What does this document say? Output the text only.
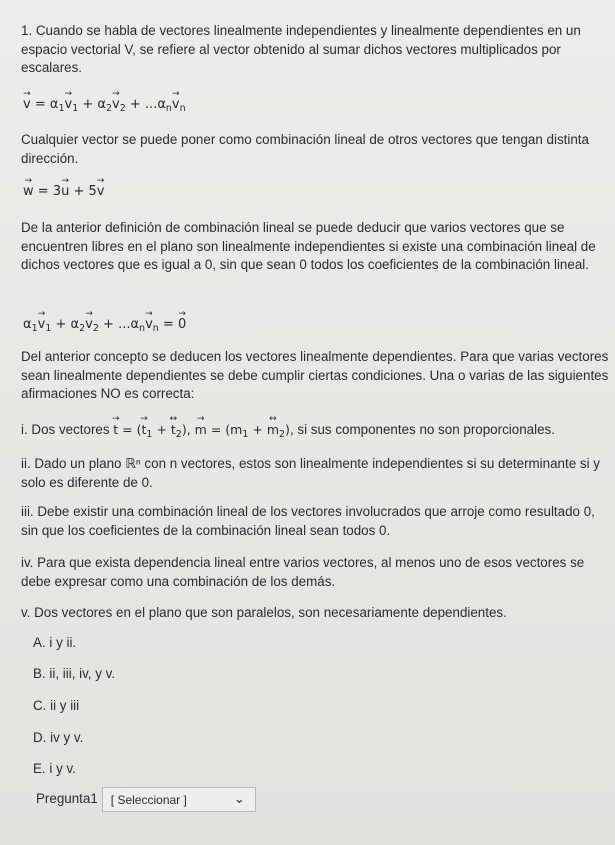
1. Cuando se habla de vectores linealmente independientes y linealmente dependientes en un espacio vectorial V, se refiere al vector obtenido al sumar dichos vectores multiplicados por escalares.

→ $v = \alpha_1\to v_1 + \alpha_2\to v_2 + ...\alpha_n\to v_n$

Cualquier vector se puede poner como combinación lineal de otros vectores que tengan distinta dirección.

→ w = 3→ u + 5→ v

De la anterior definición de combinación lineal se puede deducir que varios vectores que se encuentren libres en el plano son linealmente independientes si existe una combinación lineal de dichos vectores que es igual a 0, sin que sean 0 todos los coeficientes de la combinación lineal.

$\alpha_1\to v_1 + \alpha_2\to v_2 + ...\alpha_n\to v_n$ = → 0

Del anterior concepto se deducen los vectores linealmente dependientes. Para que varias vectores sean linealmente dependientes se debe cumplir ciertas condiciones. Una o varias de las siguientes afirmaciones NO es correcta:

i. Dos vectores → t = (→ $t_1$ + ↔ $t_2$), → $m = (m_1$ + ↔ $m_2$), si sus componentes no son proporcionales.

ii. Dado un plano ℝⁿ con n vectores, estos son linealmente independientes si su determinante si y solo es diferente de 0.

iii. Debe existir una combinación lineal de los vectores involucrados que arroje como resultado 0, sin que los coeficientes de la combinación lineal sean todos 0.

iv. Para que exista dependencia lineal entre varios vectores, al menos uno de esos vectores se debe expresar como una combinación de los demás.

v. Dos vectores en el plano que son paralelos, son necesariamente dependientes.

A. i y ii.
B. ii, iii, iv, y v.
C. ii y iii
D. iv y v.
E. i y v.
Pregunta1 [ Seleccionar ]	⌄
